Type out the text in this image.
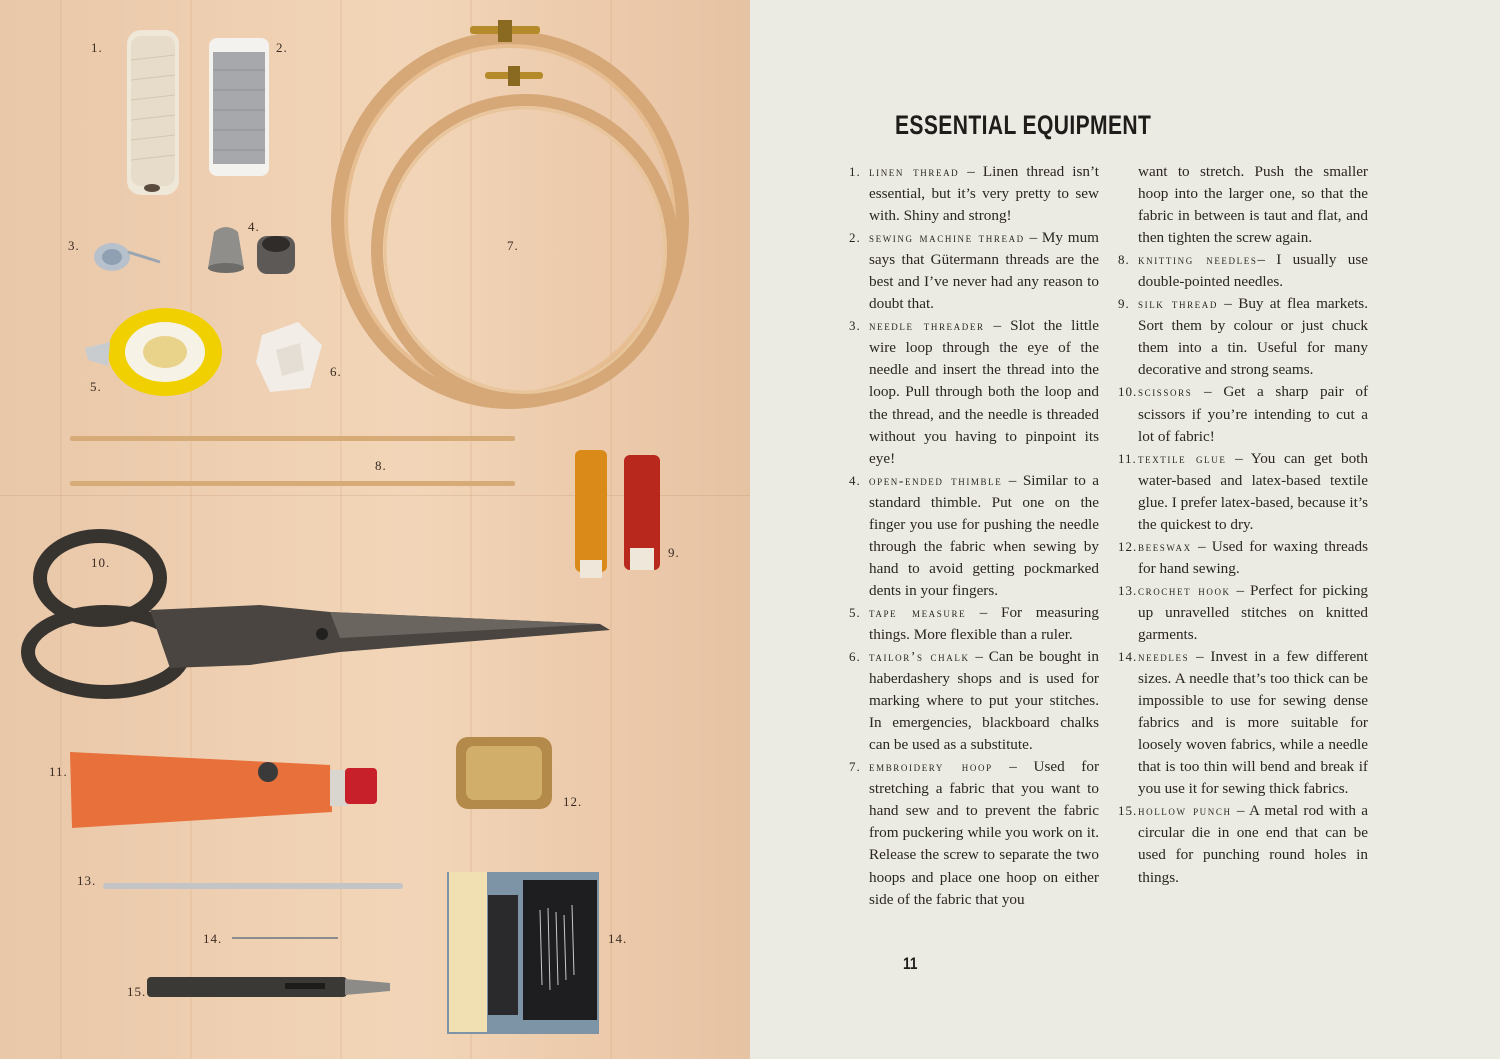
1.	2.
3.
4.
5.
6.
7.
8.
9.
10.
11.
12.
13.
14.	14.
15.
ESSENTIAL EQUIPMENT

1. linen thread – Linen thread isn’t essential, but it’s very pretty to sew with. Shiny and strong!

2. sewing machine thread – My mum says that Gütermann threads are the best and I’ve never had any reason to doubt that.

3. needle threader – Slot the little wire loop through the eye of the needle and insert the thread into the loop. Pull through both the loop and the thread, and the needle is threaded without you having to pinpoint its eye!

4. open-ended thimble – Similar to a standard thimble. Put one on the finger you use for pushing the needle through the fabric when sewing by hand to avoid getting pockmarked dents in your fingers.

5. tape measure – For measuring things. More flexible than a ruler.

6. tailor’s chalk – Can be bought in haberdashery shops and is used for marking where to put your stitches. In emergencies, blackboard chalks can be used as a substitute.

7. embroidery hoop – Used for stretching a fabric that you want to hand sew and to prevent the fabric from puckering while you work on it. Release the screw to separate the two hoops and place one hoop on either side of the fabric that you

want to stretch. Push the smaller hoop into the larger one, so that the fabric in between is taut and flat, and then tighten the screw again.

8. knitting needles– I usually use double-pointed needles.

9. silk thread – Buy at flea markets. Sort them by colour or just chuck them into a tin. Useful for many decorative and strong seams.

10. scissors – Get a sharp pair of scissors if you’re intending to cut a lot of fabric!

11. textile glue – You can get both water-based and latex-based textile glue. I prefer latex-based, because it’s the quickest to dry.

12. beeswax – Used for waxing threads for hand sewing.

13. crochet hook – Perfect for picking up unravelled stitches on knitted garments.

14. needles – Invest in a few different sizes. A needle that’s too thick can be impossible to use for sewing dense fabrics and is more suitable for loosely woven fabrics, while a needle that is too thin will bend and break if you use it for sewing thick fabrics.

15. hollow punch – A metal rod with a circular die in one end that can be used for punching round holes in things.

11
